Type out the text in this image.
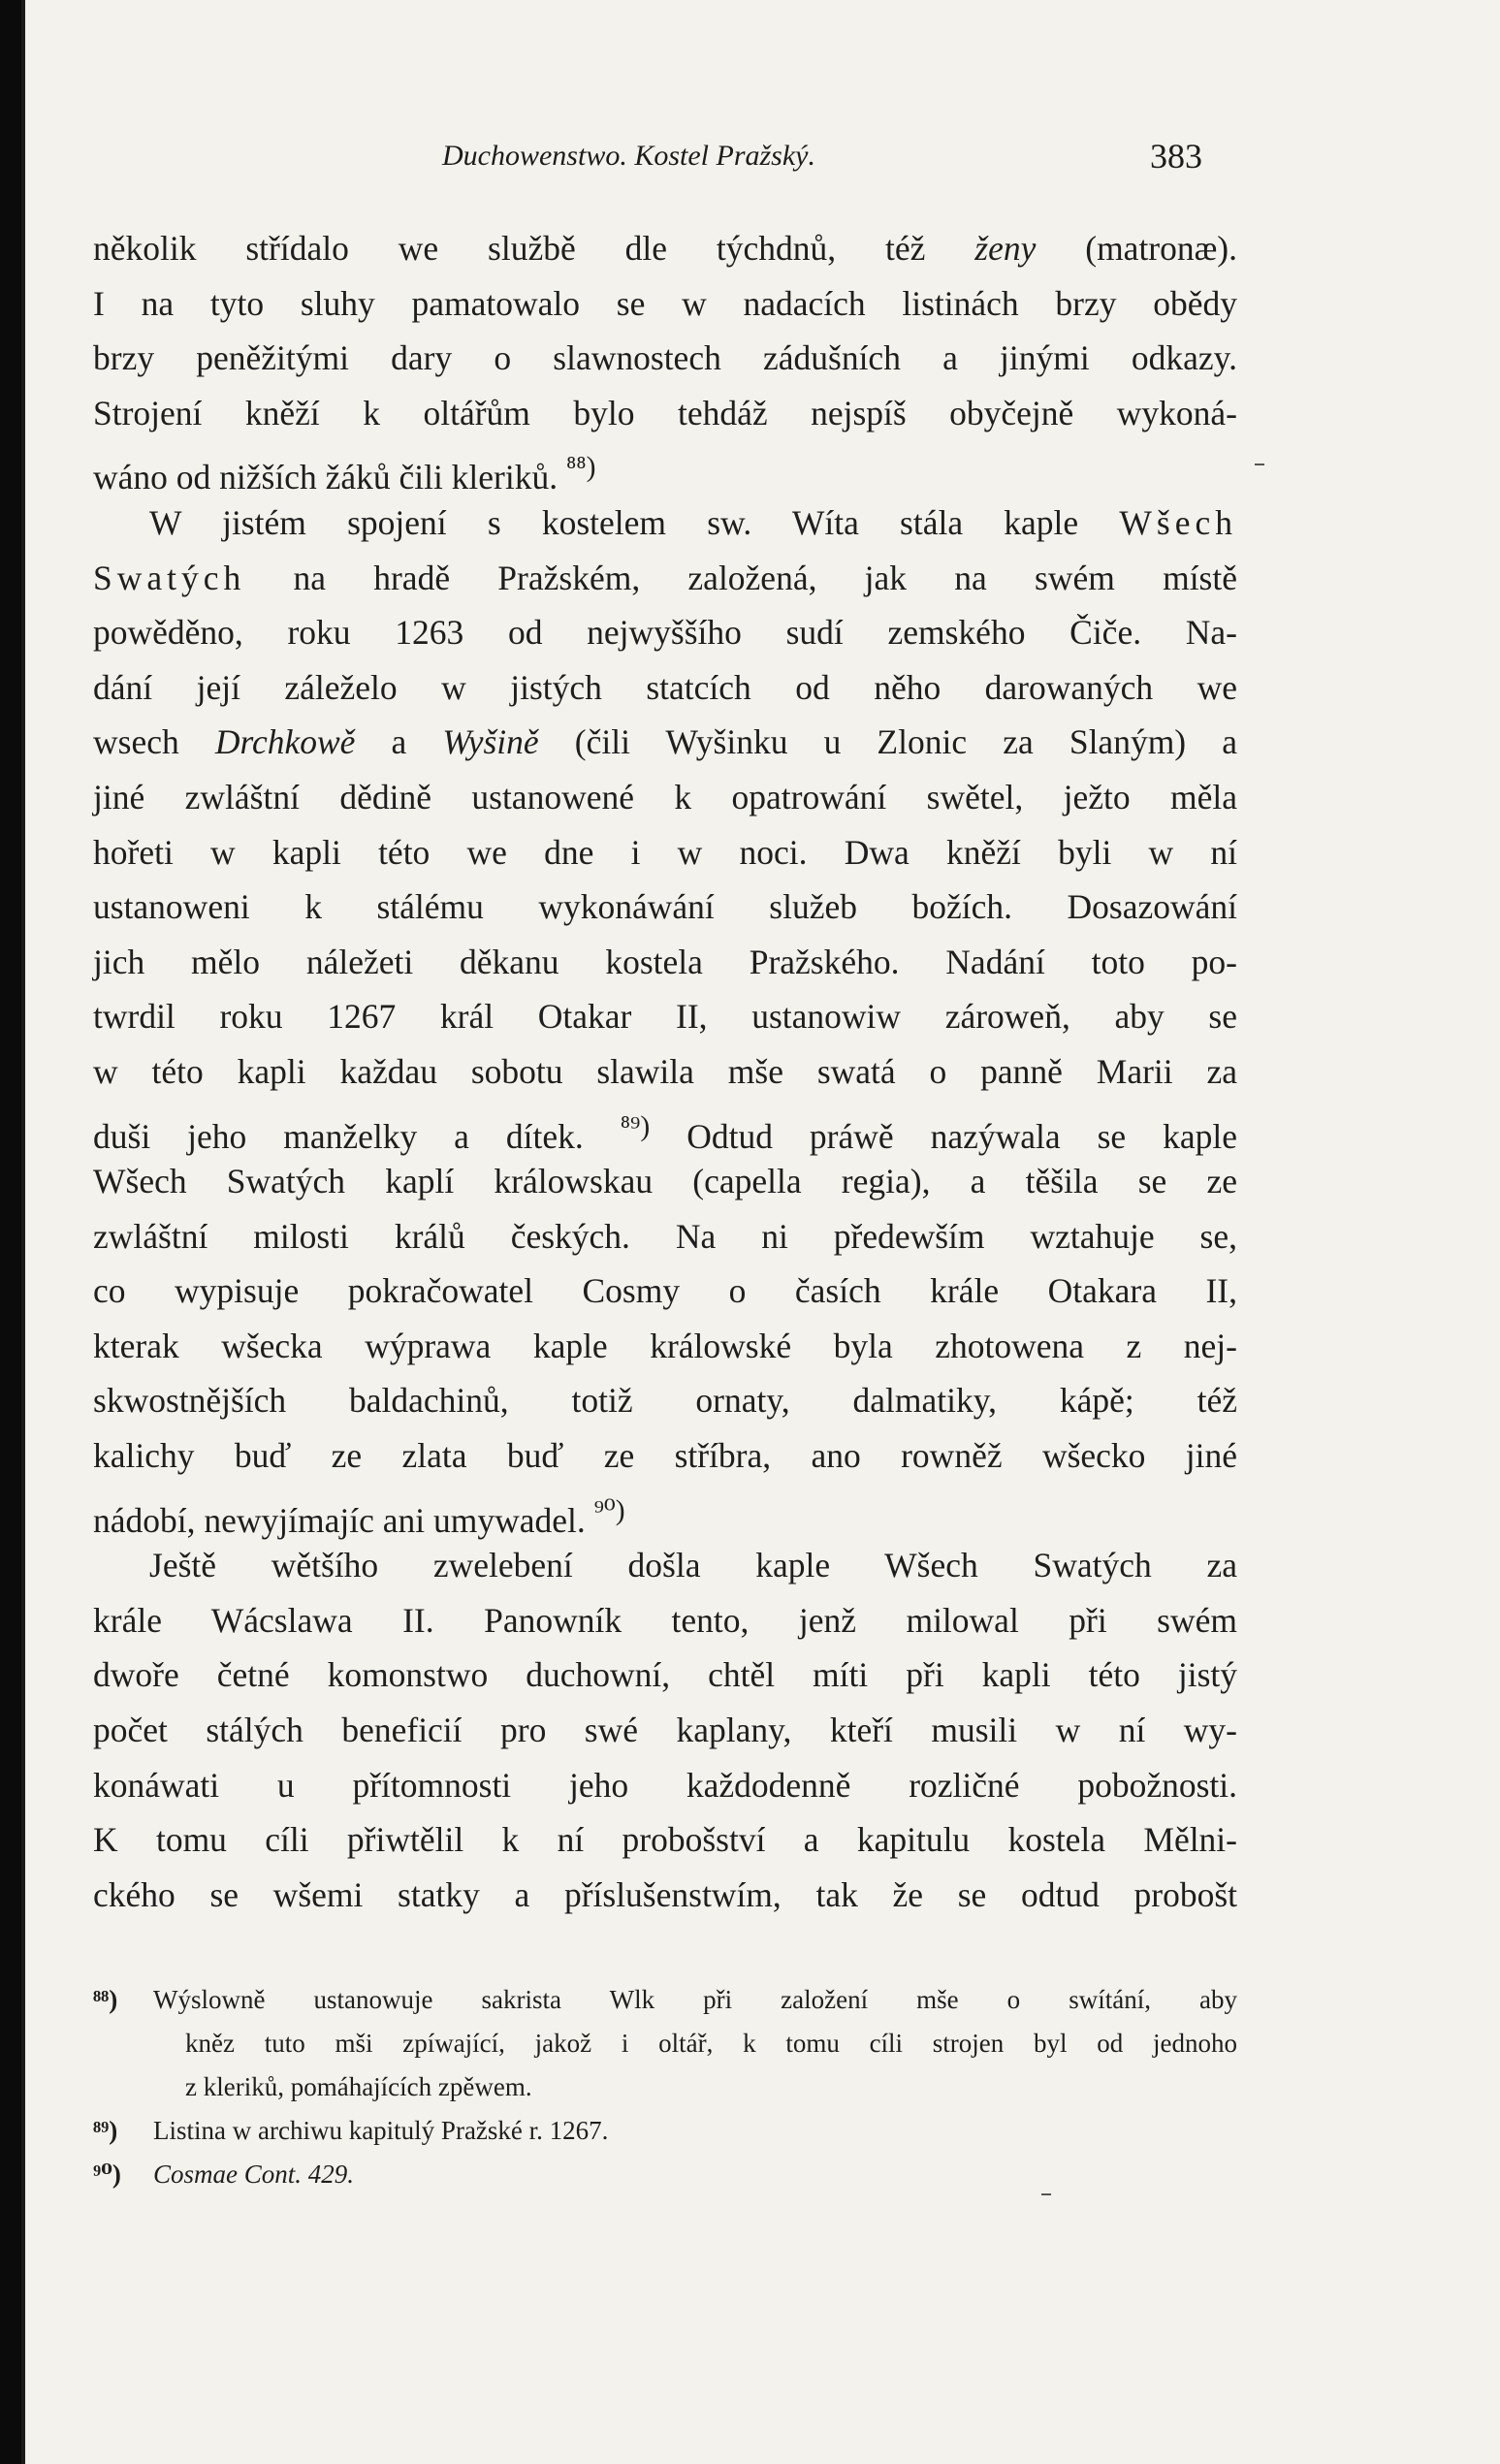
Duchowenstwo. Kostel Pražský.	383
několik střídalo we službě dle týchdnů, též ženy (matronæ).
I na tyto sluhy pamatowalo se w nadacích listinách brzy obědy
brzy peněžitými dary o slawnostech zádušních a jinými odkazy.
Strojení kněží k oltářům bylo tehdáž nejspíš obyčejně wykoná-
wáno od nižších žáků čili kleriků. $^{^{88})}$
W jistém spojení s kostelem sw. Wíta stála kaple Wšech
Swatých na hradě Pražském, založená, jak na swém místě
powěděno, roku 1263 od nejwyššího sudí zemského Čiče. Na-
dání její záleželo w jistých statcích od něho darowaných we
wsech Drchkowě a Wyšině (čili Wyšinku u Zlonic za Slaným) a
jiné zwláštní dědině ustanowené k opatrowání swětel, ježto měla
hořeti w kapli této we dne i w noci. Dwa kněží byli w ní
ustanoweni k stálému wykonáwání služeb božích. Dosazowání
jich mělo náležeti děkanu kostela Pražského. Nadání toto po-
twrdil roku 1267 král Otakar II, ustanowiw zároweň, aby se
w této kapli každau sobotu slawila mše swatá o panně Marii za
duši jeho manželky a dítek. $^{^{89})}$ Odtud práwě nazýwala se kaple
Wšech Swatých kaplí králowskau (capella regia), a těšila se ze
zwláštní milosti králů českých. Na ni předewším wztahuje se,
co wypisuje pokračowatel Cosmy o časích krále Otakara II,
kterak wšecka wýprawa kaple králowské byla zhotowena z nej-
skwostnějších baldachinů, totiž ornaty, dalmatiky, kápě; též
kalichy buď ze zlata buď ze stříbra, ano rowněž wšecko jiné
nádobí, newyjímajíc ani umywadel. $^{^{90})}$
Ještě wětšího zwelebení došla kaple Wšech Swatých za
krále Wácslawa II. Panowník tento, jenž milowal při swém
dwoře četné komonstwo duchowní, chtěl míti při kapli této jistý
počet stálých beneficií pro swé kaplany, kteří musili w ní wy-
konáwati u přítomnosti jeho každodenně rozličné pobožnosti.
K tomu cíli přiwtělil k ní probošství a kapitulu kostela Mělni-
ckého se wšemi statky a příslušenstwím, tak že se odtud probošt
⁸⁸) Wýslowně ustanowuje sakrista Wlk při založení mše o swítání, aby
kněz tuto mši zpíwající, jakož i oltář, k tomu cíli strojen byl od jednoho
z kleriků, pomáhajících zpěwem.
⁸⁹) Listina w archiwu kapitulý Pražské r. 1267.
⁹⁰) Cosmae Cont. 429.
